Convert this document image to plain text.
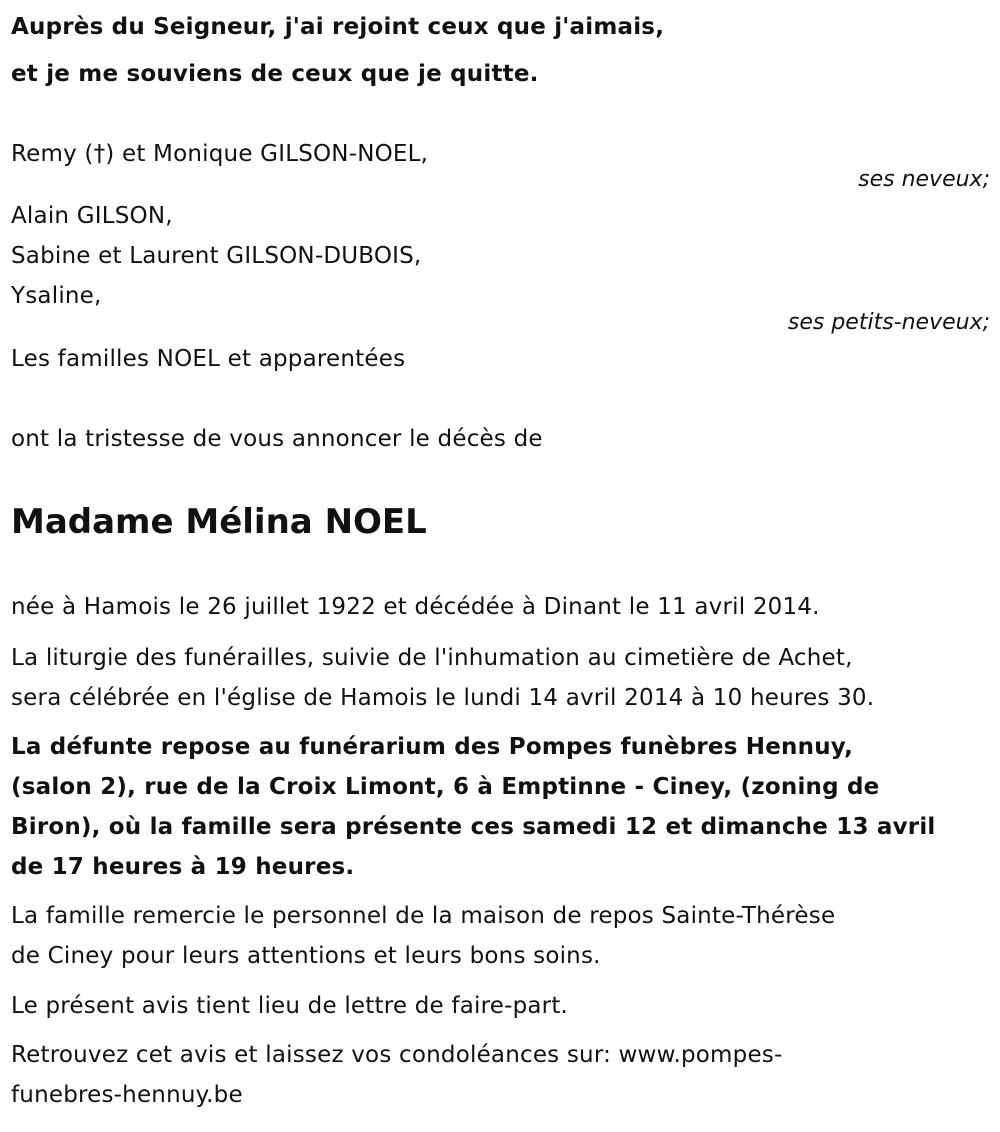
Auprès du Seigneur, j'ai rejoint ceux que j'aimais,
et je me souviens de ceux que je quitte.
Remy (†) et Monique GILSON-NOEL,
ses neveux;
Alain GILSON,
Sabine et Laurent GILSON-DUBOIS,
Ysaline,
ses petits-neveux;
Les familles NOEL et apparentées
ont la tristesse de vous annoncer le décès de
Madame Mélina NOEL
née à Hamois le 26 juillet 1922 et décédée à Dinant le 11 avril 2014.
La liturgie des funérailles, suivie de l'inhumation au cimetière de Achet,
sera célébrée en l'église de Hamois le lundi 14 avril 2014 à 10 heures 30.
La défunte repose au funérarium des Pompes funèbres Hennuy,
(salon 2), rue de la Croix Limont, 6 à Emptinne - Ciney, (zoning de
Biron), où la famille sera présente ces samedi 12 et dimanche 13 avril
de 17 heures à 19 heures.
La famille remercie le personnel de la maison de repos Sainte-Thérèse
de Ciney pour leurs attentions et leurs bons soins.
Le présent avis tient lieu de lettre de faire-part.
Retrouvez cet avis et laissez vos condoléances sur: www.pompes-
funebres-hennuy.be
